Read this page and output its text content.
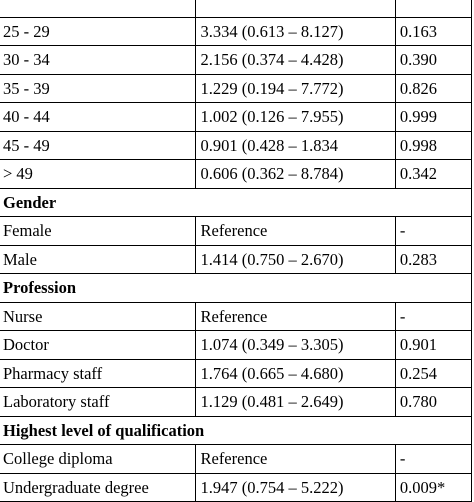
25 - 29	3.334 (0.613 – 8.127)	0.163
30 - 34	2.156 (0.374 – 4.428)	0.390
35 - 39	1.229 (0.194 – 7.772)	0.826
40 - 44	1.002 (0.126 – 7.955)	0.999
45 - 49	0.901 (0.428 – 1.834	0.998
> 49	0.606 (0.362 – 8.784)	0.342
Gender		
Female	Reference	-
Male	1.414 (0.750 – 2.670)	0.283
Profession		
Nurse	Reference	-
Doctor	1.074 (0.349 – 3.305)	0.901
Pharmacy staff	1.764 (0.665 – 4.680)	0.254
Laboratory staff	1.129 (0.481 – 2.649)	0.780
Highest level of qualification		
College diploma	Reference	-
Undergraduate degree	1.947 (0.754 – 5.222)	0.009*
